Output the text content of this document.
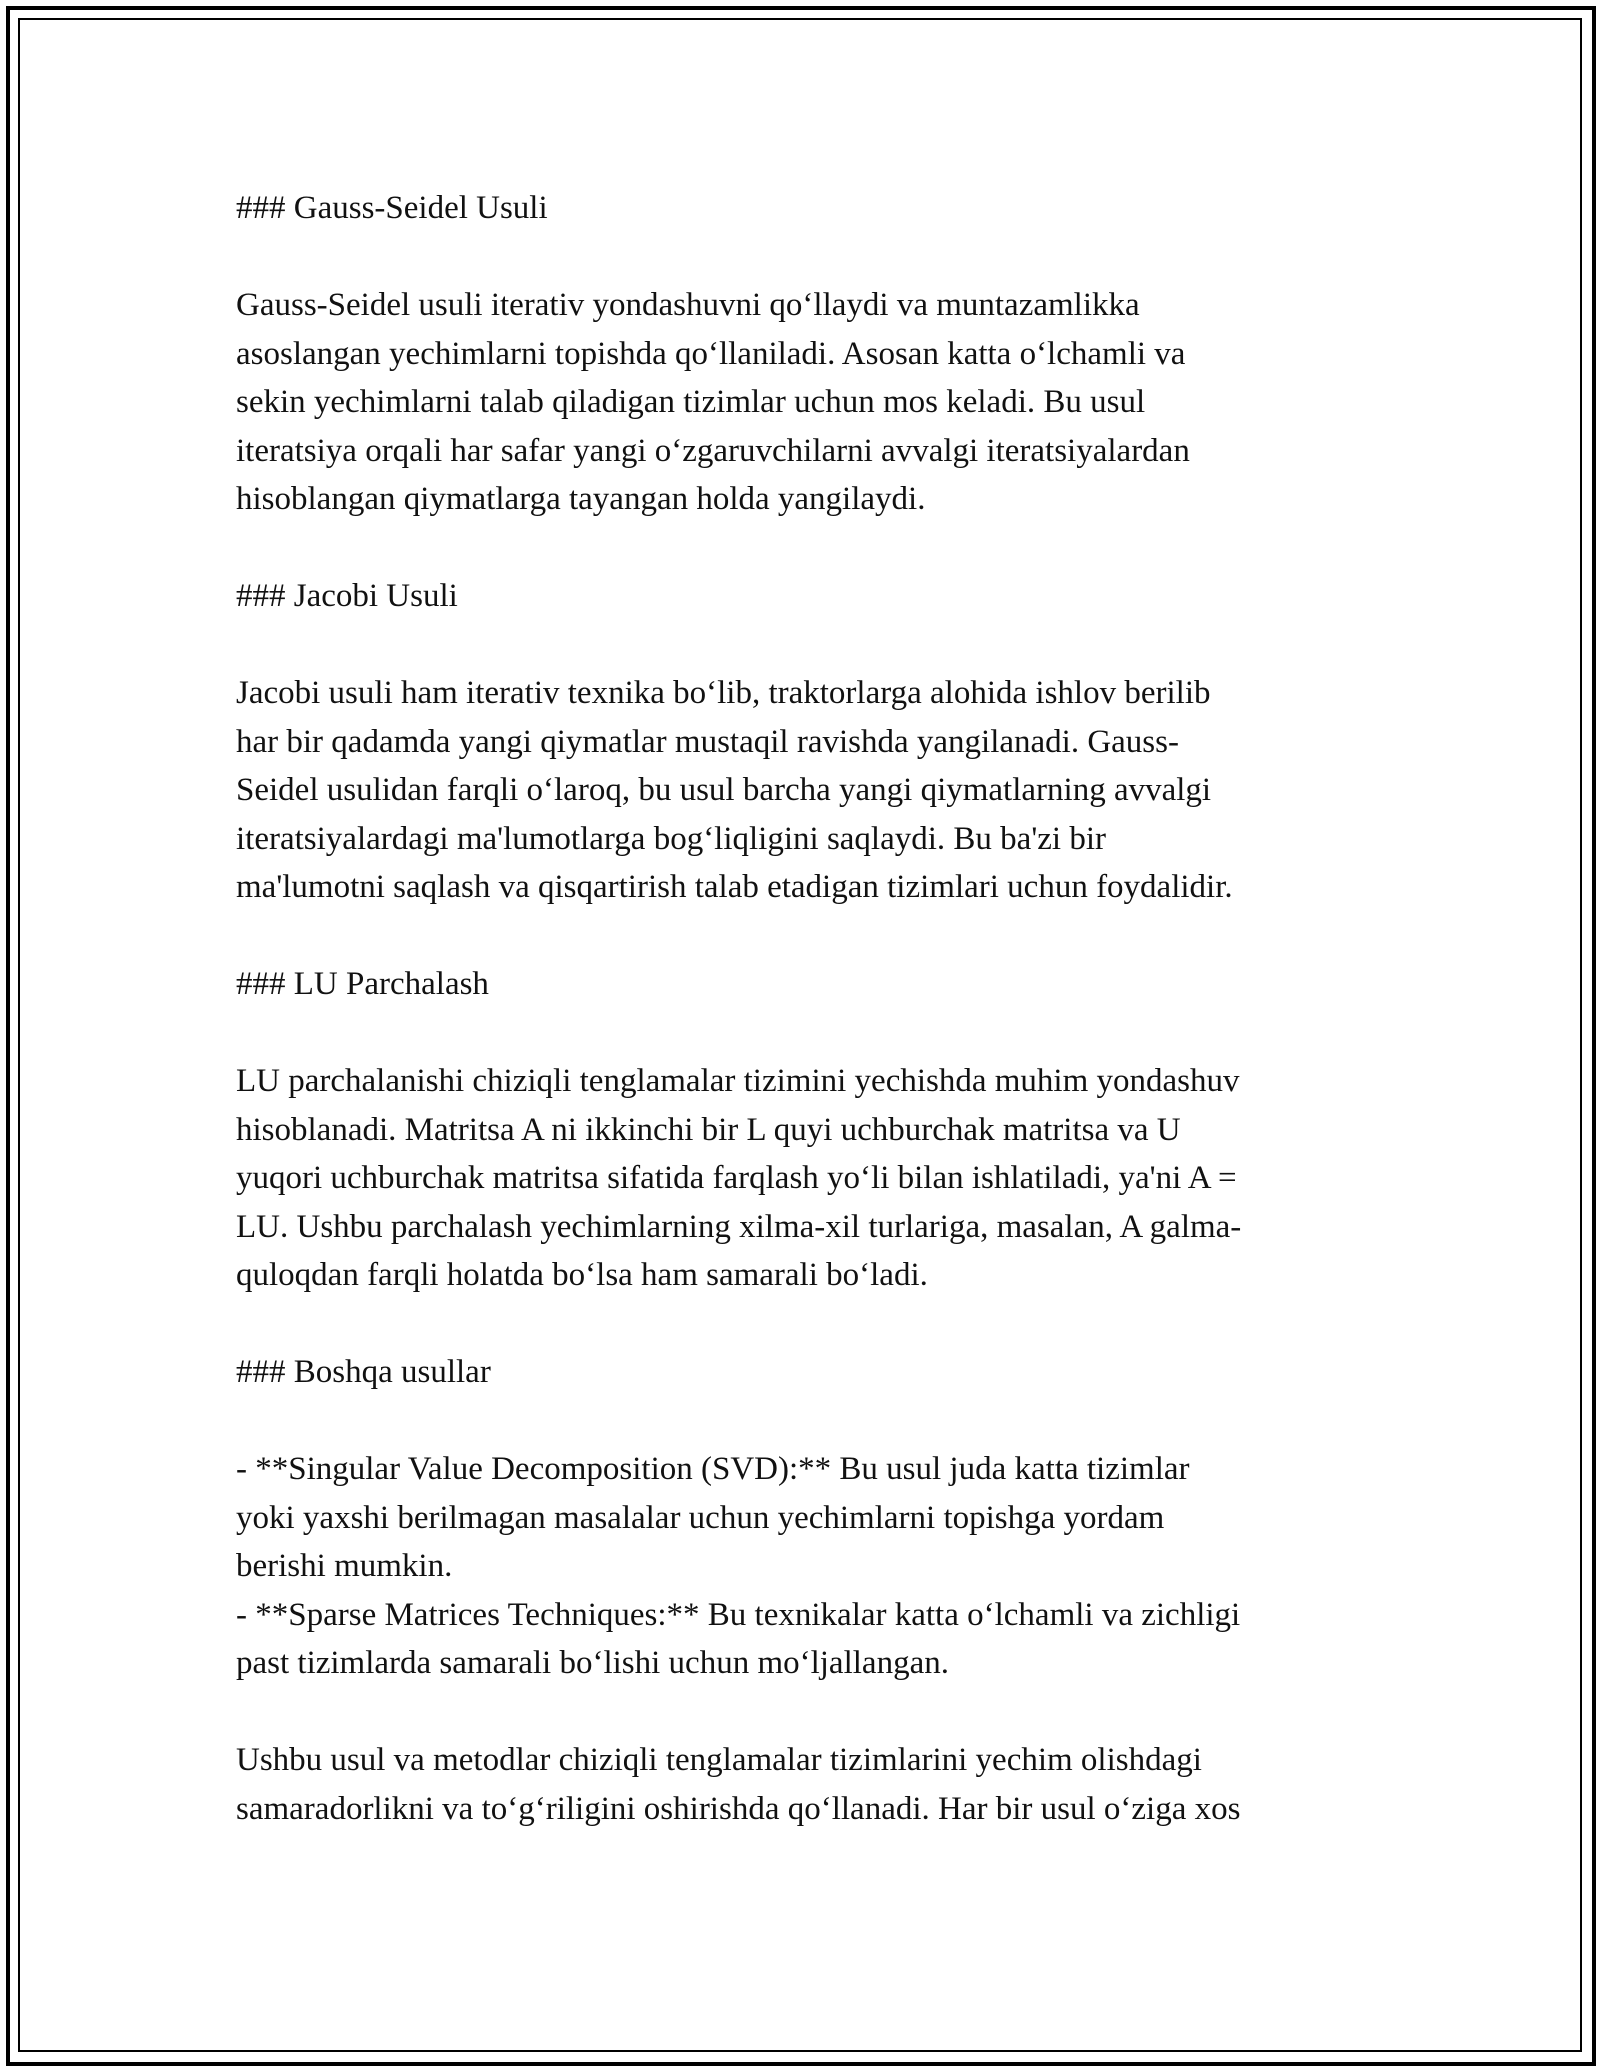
### Gauss-Seidel Usuli
Gauss-Seidel usuli iterativ yondashuvni qo‘llaydi va muntazamlikka
asoslangan yechimlarni topishda qo‘llaniladi. Asosan katta o‘lchamli va
sekin yechimlarni talab qiladigan tizimlar uchun mos keladi. Bu usul
iteratsiya orqali har safar yangi o‘zgaruvchilarni avvalgi iteratsiyalardan
hisoblangan qiymatlarga tayangan holda yangilaydi.
### Jacobi Usuli
Jacobi usuli ham iterativ texnika bo‘lib, traktorlarga alohida ishlov berilib
har bir qadamda yangi qiymatlar mustaqil ravishda yangilanadi. Gauss-
Seidel usulidan farqli o‘laroq, bu usul barcha yangi qiymatlarning avvalgi
iteratsiyalardagi ma'lumotlarga bog‘liqligini saqlaydi. Bu ba'zi bir
ma'lumotni saqlash va qisqartirish talab etadigan tizimlari uchun foydalidir.
### LU Parchalash
LU parchalanishi chiziqli tenglamalar tizimini yechishda muhim yondashuv
hisoblanadi. Matritsa A ni ikkinchi bir L quyi uchburchak matritsa va U
yuqori uchburchak matritsa sifatida farqlash yo‘li bilan ishlatiladi, ya'ni A =
LU. Ushbu parchalash yechimlarning xilma-xil turlariga, masalan, A galma-
quloqdan farqli holatda bo‘lsa ham samarali bo‘ladi.
### Boshqa usullar
- **Singular Value Decomposition (SVD):** Bu usul juda katta tizimlar
yoki yaxshi berilmagan masalalar uchun yechimlarni topishga yordam
berishi mumkin.
- **Sparse Matrices Techniques:** Bu texnikalar katta o‘lchamli va zichligi
past tizimlarda samarali bo‘lishi uchun mo‘ljallangan.
Ushbu usul va metodlar chiziqli tenglamalar tizimlarini yechim olishdagi
samaradorlikni va to‘g‘riligini oshirishda qo‘llanadi. Har bir usul o‘ziga xos
